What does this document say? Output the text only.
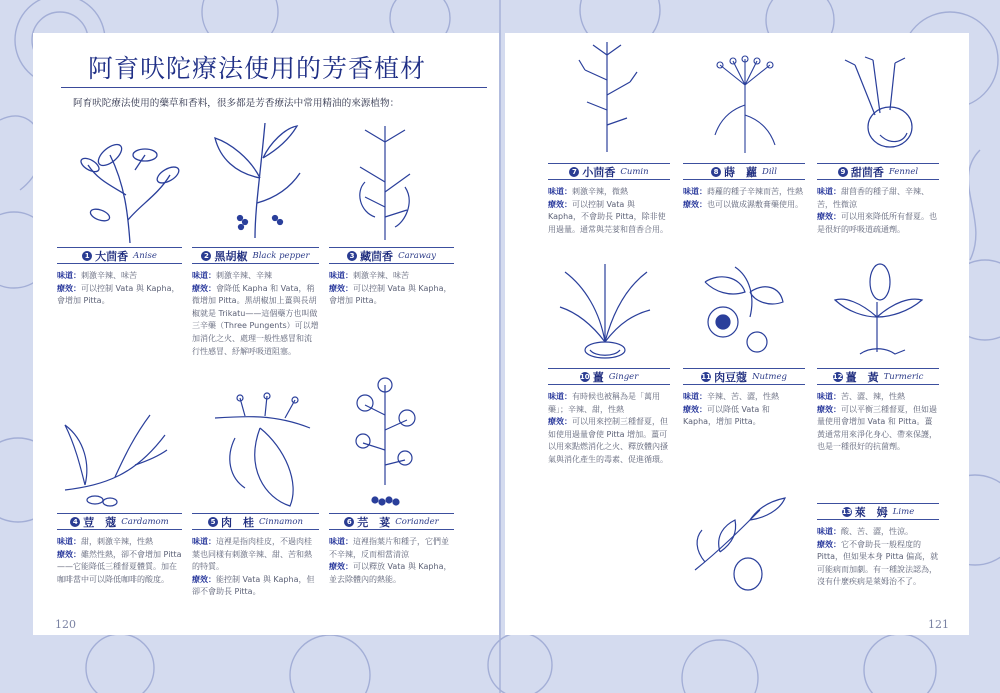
阿育吠陀療法使用的芳香植材
阿育吠陀療法使用的藥草和香料，很多都是芳香療法中常用精油的來源植物：
120	121
1 大茴香 Anise

味道：刺激辛辣、味苦

療效：可以控制 Vata 與 Kapha，會增加 Pitta。

2 黑胡椒 Black pepper

味道：刺激辛辣、辛辣

療效：會降低 Kapha 和 Vata，稍微增加 Pitta。黑胡椒加上薑與長胡椒就是 Trikatu——這個藥方也叫做三辛藥（Three Pungents）可以增加消化之火、處理一般性感冒和流行性感冒、紓解呼吸道阻塞。

3 藏茴香 Caraway

味道：刺激辛辣、味苦

療效：可以控制 Vata 與 Kapha，會增加 Pitta。

4 荳　蔻 Cardamom

味道：甜，刺激辛辣，性熱

療效：雖然性熱，卻不會增加 Pitta——它能降低三種督夏體質。加在咖啡當中可以降低咖啡的酸度。

5 肉　桂 Cinnamon

味道：這裡是指肉桂皮，不過肉桂葉也同樣有刺激辛辣、甜、苦和熱的特質。

療效：能控制 Vata 與 Kapha，但卻不會助長 Pitta。

6 芫　荽 Coriander

味道：這裡指葉片和種子，它們並不辛辣，反而相當清涼

療效：可以釋放 Vata 與 Kapha，並去除體內的熱能。

7 小茴香 Cumin

味道：刺激辛辣，微熱

療效：可以控制 Vata 與 Kapha，不會助長 Pitta，除非使用過量。通常與芫荽和茴香合用。

8 蒔　蘿 Dill

味道：蒔蘿的種子辛辣而苦，性熱

療效：也可以做成濕敷膏藥使用。

9 甜茴香 Fennel

味道：甜茴香的種子甜、辛辣、苦，性微涼

療效：可以用來降低所有督夏。也是很好的呼吸道疏通劑。

10 薑 Ginger

味道：有時候也被稱為是「萬用藥」；辛辣、甜，性熱

療效：可以用來控制三種督夏，但如使用過量會使 Pitta 增加。薑可以用來點燃消化之火、釋放體內搔氣與消化產生的毒素、促進循環。

11 肉豆蔻 Nutmeg

味道：辛辣、苦、澀，性熱

療效：可以降低 Vata 和 Kapha，增加 Pitta。

12 薑　黃 Turmeric

味道：苦、澀、辣，性熱

療效：可以平衡三種督夏，但如過量使用會增加 Vata 和 Pitta。薑黃通常用來淨化身心、帶來保護，也是一種很好的抗菌劑。

13 萊　姆 Lime

味道：酸、苦、澀，性涼。

療效：它不會助長一般程度的 Pitta，但如果本身 Pitta 偏高，就可能病而加劇。有一種說法認為，沒有什麼疾病是萊姆治不了。
